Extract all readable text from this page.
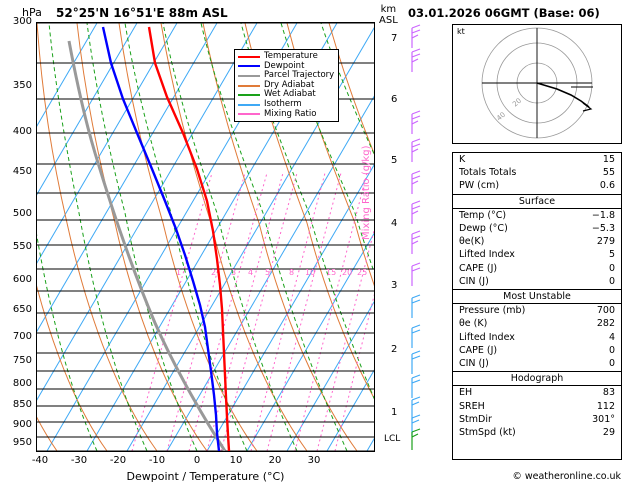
hPa 52°25'N 16°51'E 88m ASL	km
ASL
03.01.2026 06GMT (Base: 06)
Temperature
Dewpoint
Parcel Trajectory
Dry Adiabat
Wet Adiabat
Isotherm
Mixing Ratio
300
350
400
450
500
550
600
650
700
750
800
850
900
950
-40	-30	-20	-10	0	10	20	30
Dewpoint / Temperature (°C)
1	2 3 4 5 8 10 15 20 25
Mixing Ratio (g/kg)
1
2
3
4
5
6
7
LCL
kt
20
40
K	15
Totals Totals	55
PW (cm)	0.6
Surface
Temp (°C)	−1.8
Dewp (°C)	−5.3
θe(K)	279
Lifted Index	5
CAPE (J)	0
CIN (J)	0
Most Unstable
Pressure (mb)	700
θe (K)	282
Lifted Index	4
CAPE (J)	0
CIN (J)	0
Hodograph
EH	83
SREH	112
StmDir	301°
StmSpd (kt)	29
© weatheronline.co.uk
